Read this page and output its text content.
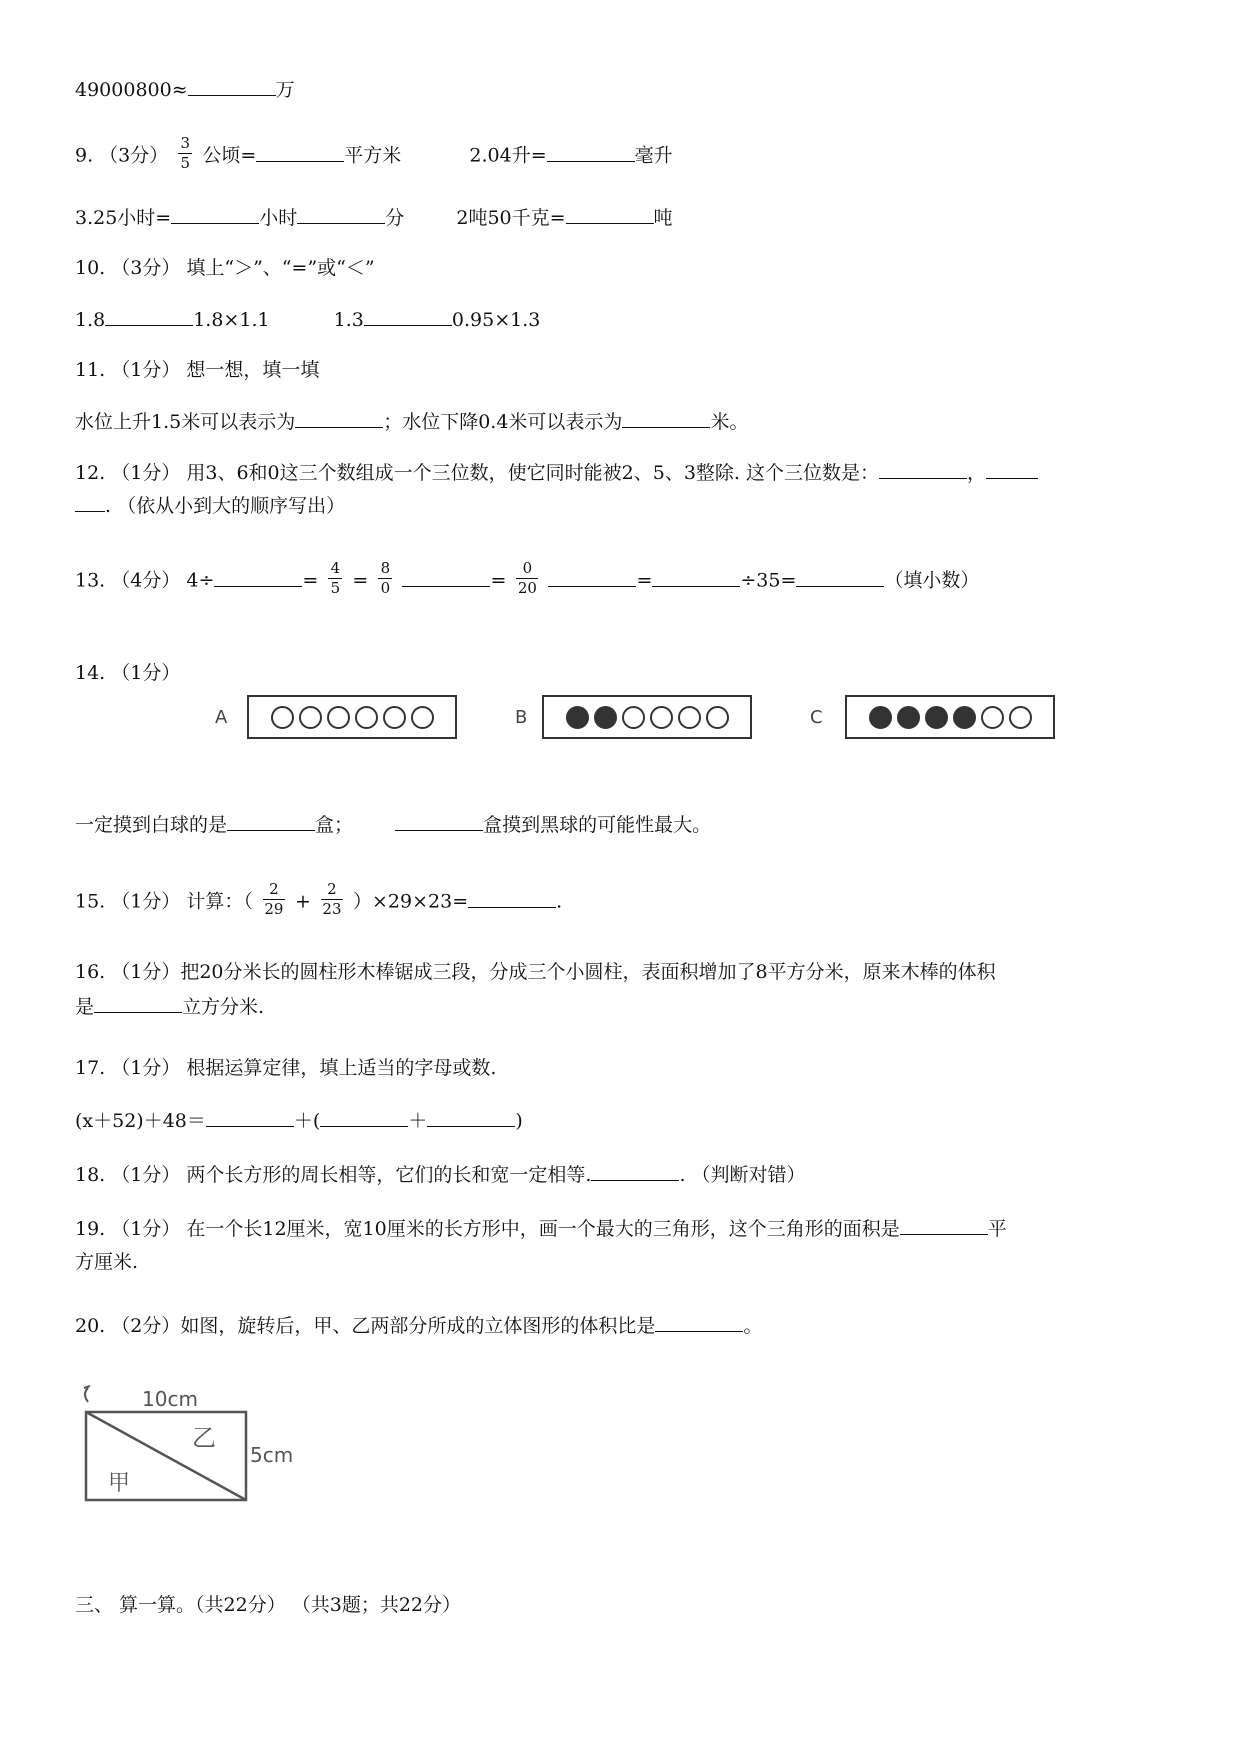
49000800≈	万
9. （3分） $\frac{3}{5}$ 公顷=	平方米	2.04升=	毫升
3.25小时=	小时	分	2吨50千克=	吨
10. （3分） 填上“＞”、“=”或“＜”
1.8	1.8×1.1	1.3	0.95×1.3
11. （1分） 想一想，填一填
水位上升1.5米可以表示为	；水位下降0.4米可以表示为	米。
12. （1分） 用3、6和0这三个数组成一个三位数，使它同时能被2、5、3整除. 这个三位数是：	，
. （依从小到大的顺序写出）
13. （4分） 4÷	= $\frac{4}{5} = \frac{8}{0}$	= $\frac{0}{20}$	=	÷35=	（填小数）
14. （1分）
A	B	C
一定摸到白球的是	盒；	盒摸到黑球的可能性最大。
15. （1分） 计算：（ $\frac{2}{29} + \frac{2}{23} )\times 29\times 23=$	.
16. （1分）把20分米长的圆柱形木棒锯成三段，分成三个小圆柱，表面积增加了8平方分米，原来木棒的体积
是	立方分米.
17. （1分） 根据运算定律，填上适当的字母或数.
(x＋52)＋48＝	＋(	＋	)
18. （1分） 两个长方形的周长相等，它们的长和宽一定相等.	. （判断对错）
19. （1分） 在一个长12厘米，宽10厘米的长方形中，画一个最大的三角形，这个三角形的面积是	平
方厘米.
20. （2分）如图，旋转后，甲、乙两部分所成的立体图形的体积比是	。
10cm
5cm
甲
乙
三、 算一算。（共22分） （共3题；共22分）
